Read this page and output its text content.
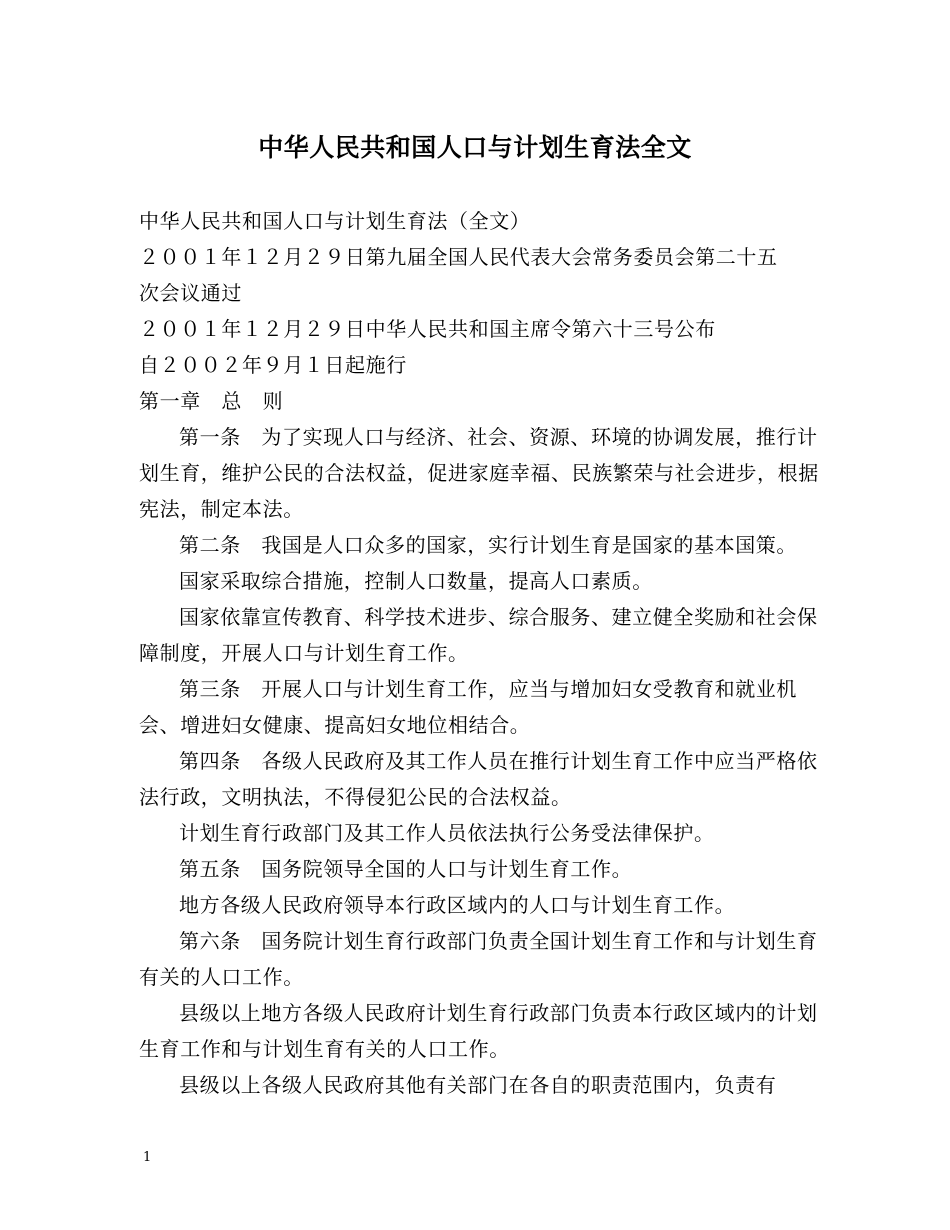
中华人民共和国人口与计划生育法全文
中华人民共和国人口与计划生育法（全文）
２００１年１２月２９日第九届全国人民代表大会常务委员会第二十五
次会议通过
２００１年１２月２９日中华人民共和国主席令第六十三号公布
自２００２年９月１日起施行
第一章　总　则

第一条　为了实现人口与经济、社会、资源、环境的协调发展，推行计划生育，维护公民的合法权益，促进家庭幸福、民族繁荣与社会进步，根据宪法，制定本法。

第二条　我国是人口众多的国家，实行计划生育是国家的基本国策。

国家采取综合措施，控制人口数量，提高人口素质。

国家依靠宣传教育、科学技术进步、综合服务、建立健全奖励和社会保障制度，开展人口与计划生育工作。

第三条　开展人口与计划生育工作，应当与增加妇女受教育和就业机会、增进妇女健康、提高妇女地位相结合。

第四条　各级人民政府及其工作人员在推行计划生育工作中应当严格依法行政，文明执法，不得侵犯公民的合法权益。

计划生育行政部门及其工作人员依法执行公务受法律保护。

第五条　国务院领导全国的人口与计划生育工作。

地方各级人民政府领导本行政区域内的人口与计划生育工作。

第六条　国务院计划生育行政部门负责全国计划生育工作和与计划生育有关的人口工作。

县级以上地方各级人民政府计划生育行政部门负责本行政区域内的计划生育工作和与计划生育有关的人口工作。

县级以上各级人民政府其他有关部门在各自的职责范围内，负责有

1
